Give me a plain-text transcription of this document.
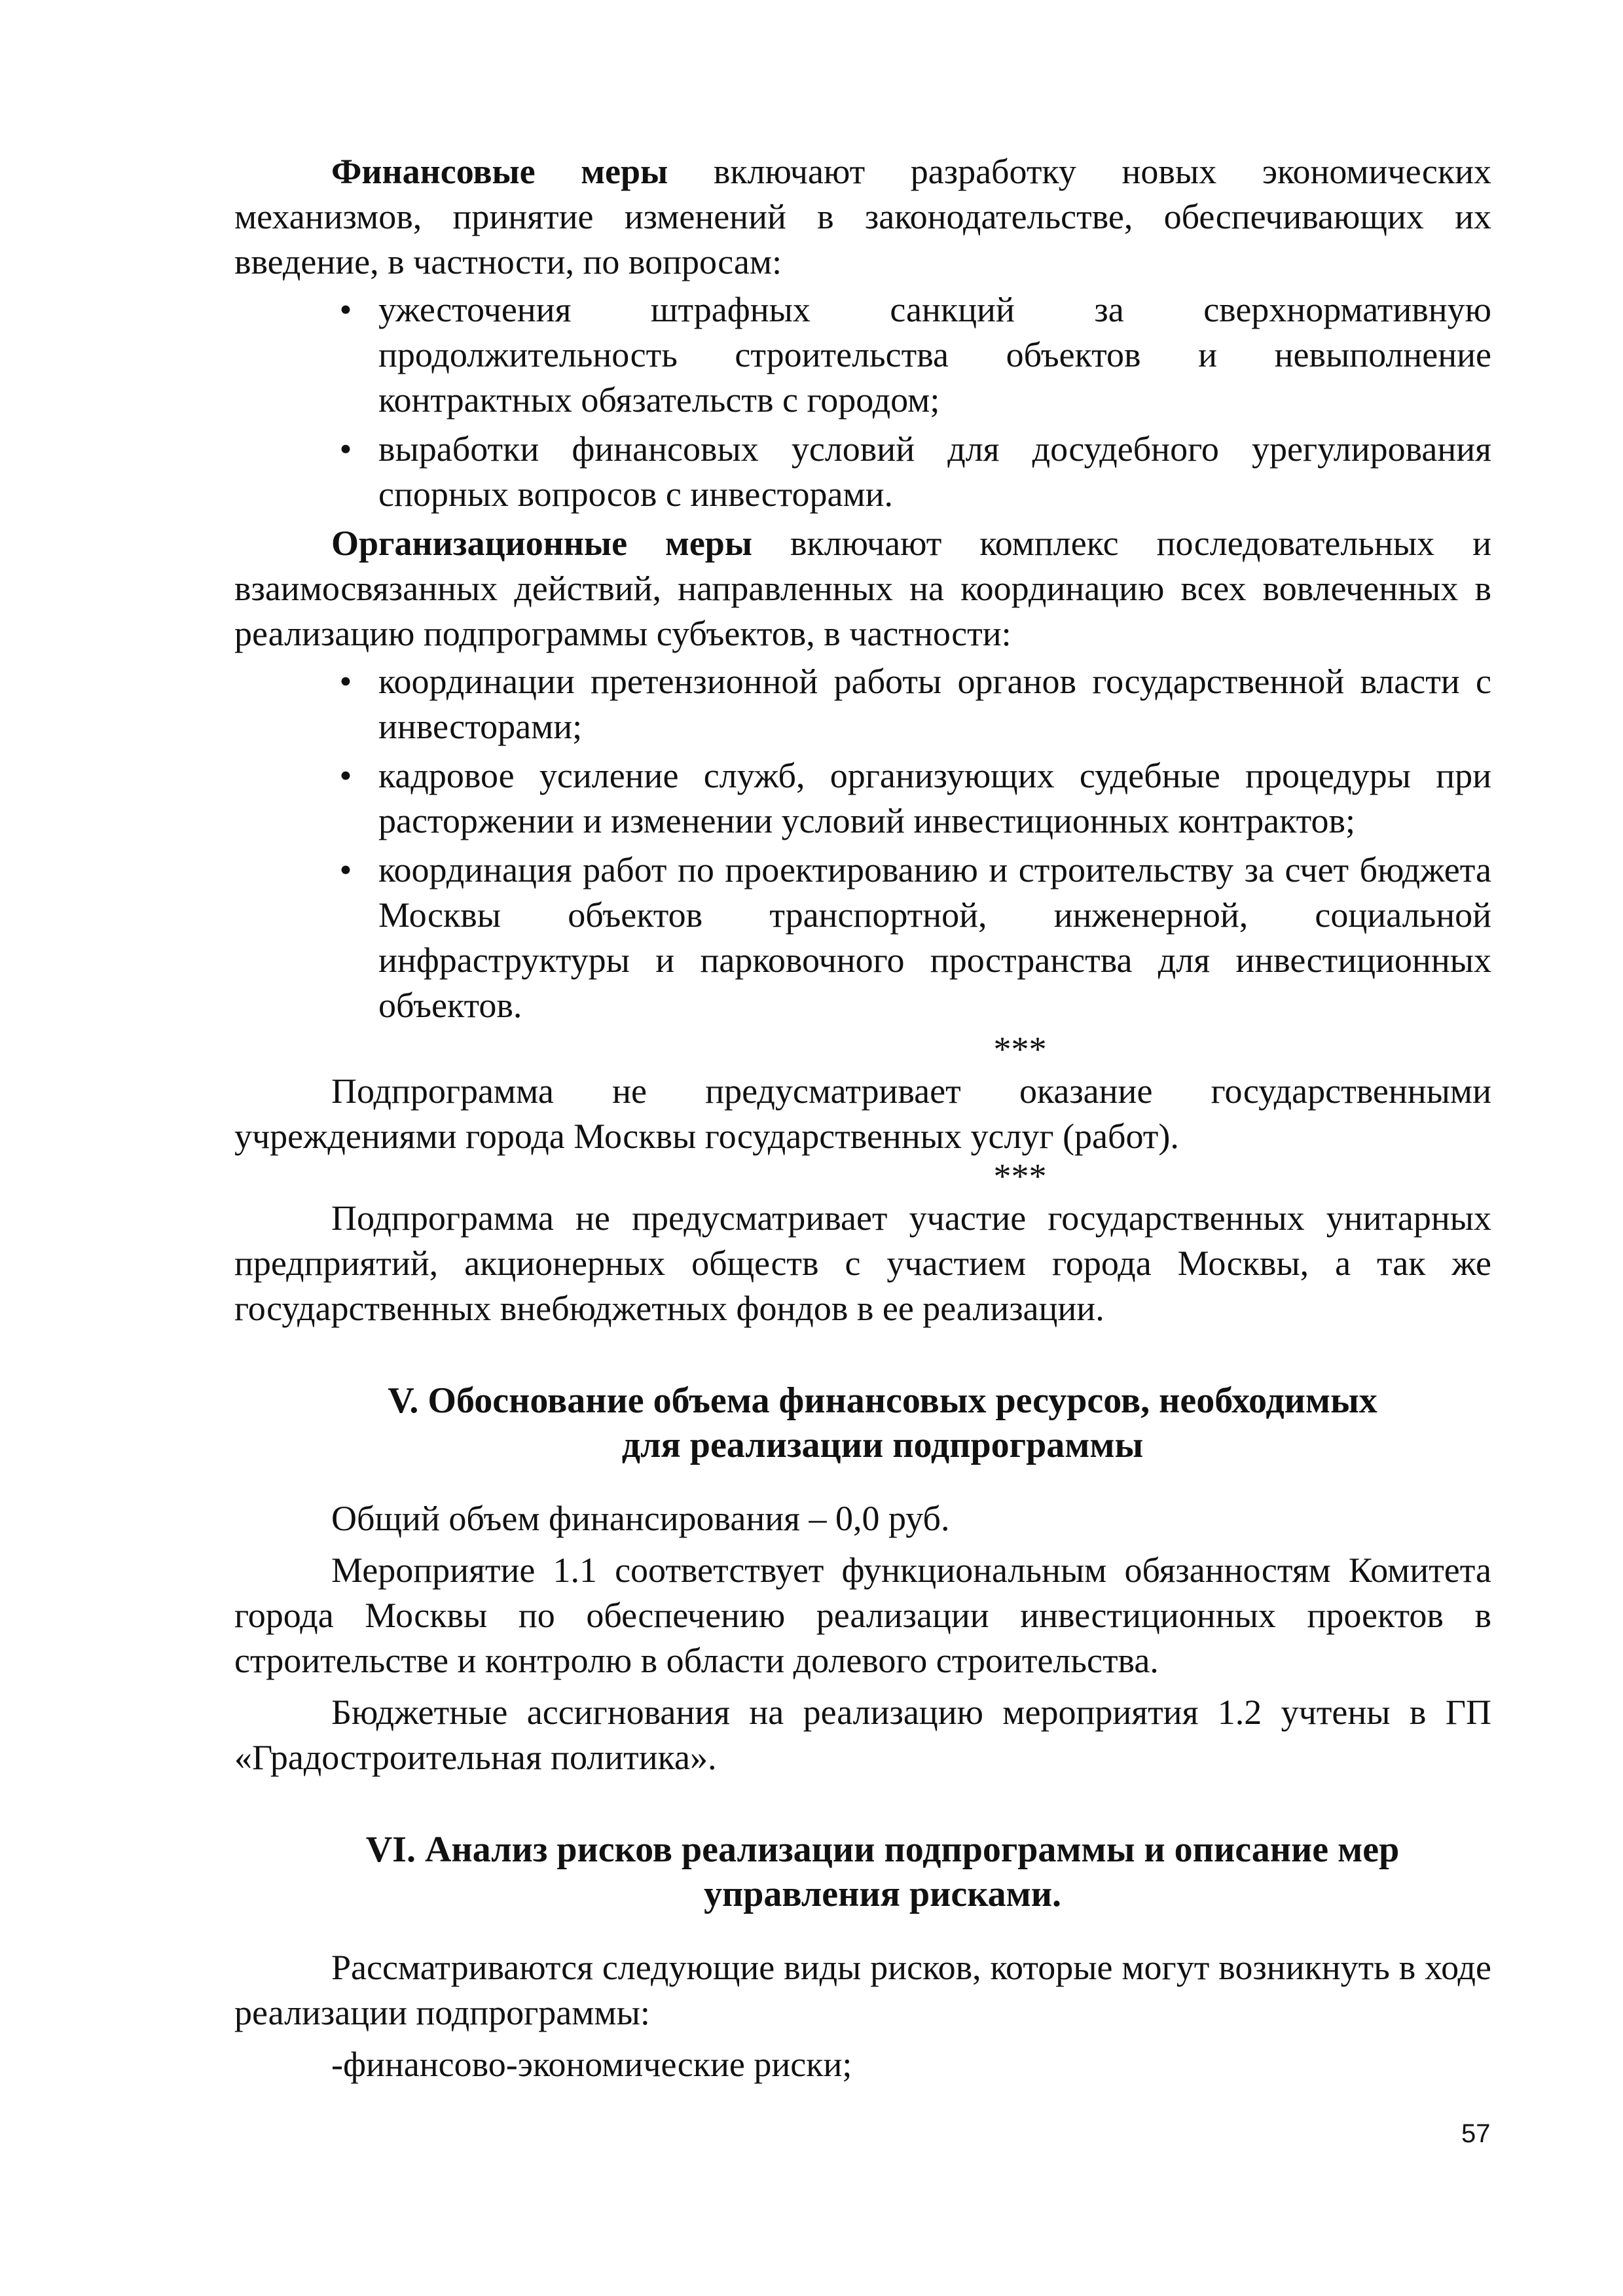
Финансовые меры включают разработку новых экономических механизмов, принятие изменений в законодательстве, обеспечивающих их введение, в частности, по вопросам:

• ужесточения штрафных санкций за сверхнормативную продолжительность строительства объектов и невыполнение контрактных обязательств с городом;
• выработки финансовых условий для досудебного урегулирования спорных вопросов с инвесторами.

Организационные меры включают комплекс последовательных и взаимосвязанных действий, направленных на координацию всех вовлеченных в реализацию подпрограммы субъектов, в частности:

• координации претензионной работы органов государственной власти с инвесторами;
• кадровое усиление служб, организующих судебные процедуры при расторжении и изменении условий инвестиционных контрактов;
• координация работ по проектированию и строительству за счет бюджета Москвы объектов транспортной, инженерной, социальной инфраструктуры и парковочного пространства для инвестиционных объектов.
***

Подпрограмма не предусматривает оказание государственными учреждениями города Москвы государственных услуг (работ).

***

Подпрограмма не предусматривает участие государственных унитарных предприятий, акционерных обществ с участием города Москвы, а так же государственных внебюджетных фондов в ее реализации.

V. Обоснование объема финансовых ресурсов, необходимых
для реализации подпрограммы

Общий объем финансирования – 0,0 руб.

Мероприятие 1.1 соответствует функциональным обязанностям Комитета города Москвы по обеспечению реализации инвестиционных проектов в строительстве и контролю в области долевого строительства.

Бюджетные ассигнования на реализацию мероприятия 1.2 учтены в ГП «Градостроительная политика».

VI. Анализ рисков реализации подпрограммы и описание мер
управления рисками.

Рассматриваются следующие виды рисков, которые могут возникнуть в ходе реализации подпрограммы:

-финансово-экономические риски;

57
